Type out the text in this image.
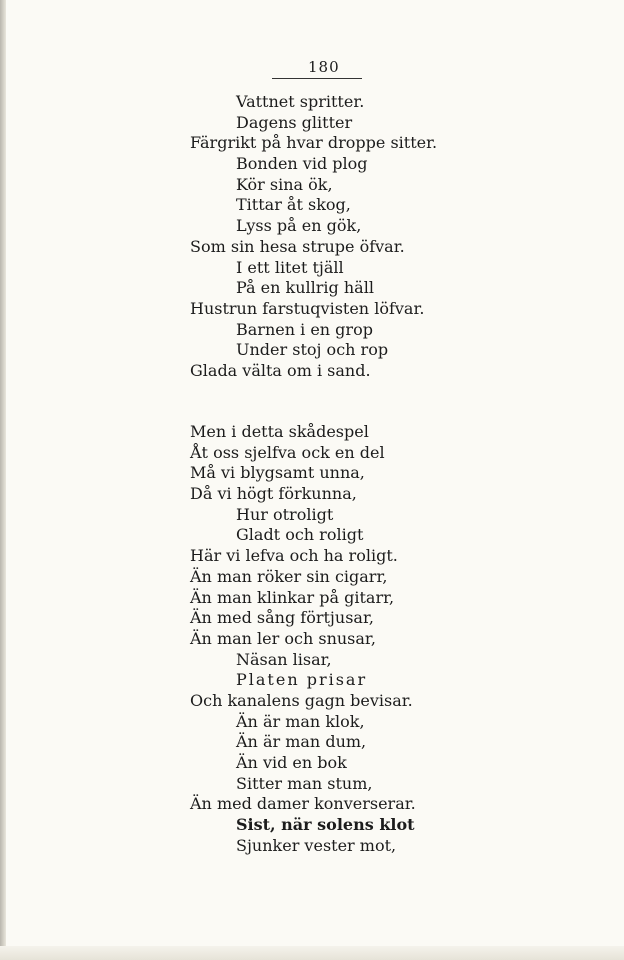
180
Vattnet spritter.
Dagens glitter
Färgrikt på hvar droppe sitter.
Bonden vid plog
Kör sina ök,
Tittar åt skog,
Lyss på en gök,
Som sin hesa strupe öfvar.
I ett litet tjäll
På en kullrig häll
Hustrun farstuqvisten löfvar.
Barnen i en grop
Under stoj och rop
Glada välta om i sand.
Men i detta skådespel
Åt oss sjelfva ock en del
Må vi blygsamt unna,
Då vi högt förkunna,
Hur otroligt
Gladt och roligt
Här vi lefva och ha roligt.
Än man röker sin cigarr,
Än man klinkar på gitarr,
Än med sång förtjusar,
Än man ler och snusar,
Näsan lisar,
Platen prisar
Och kanalens gagn bevisar.
Än är man klok,
Än är man dum,
Än vid en bok
Sitter man stum,
Än med damer konverserar.
Sist, när solens klot
Sjunker vester mot,
